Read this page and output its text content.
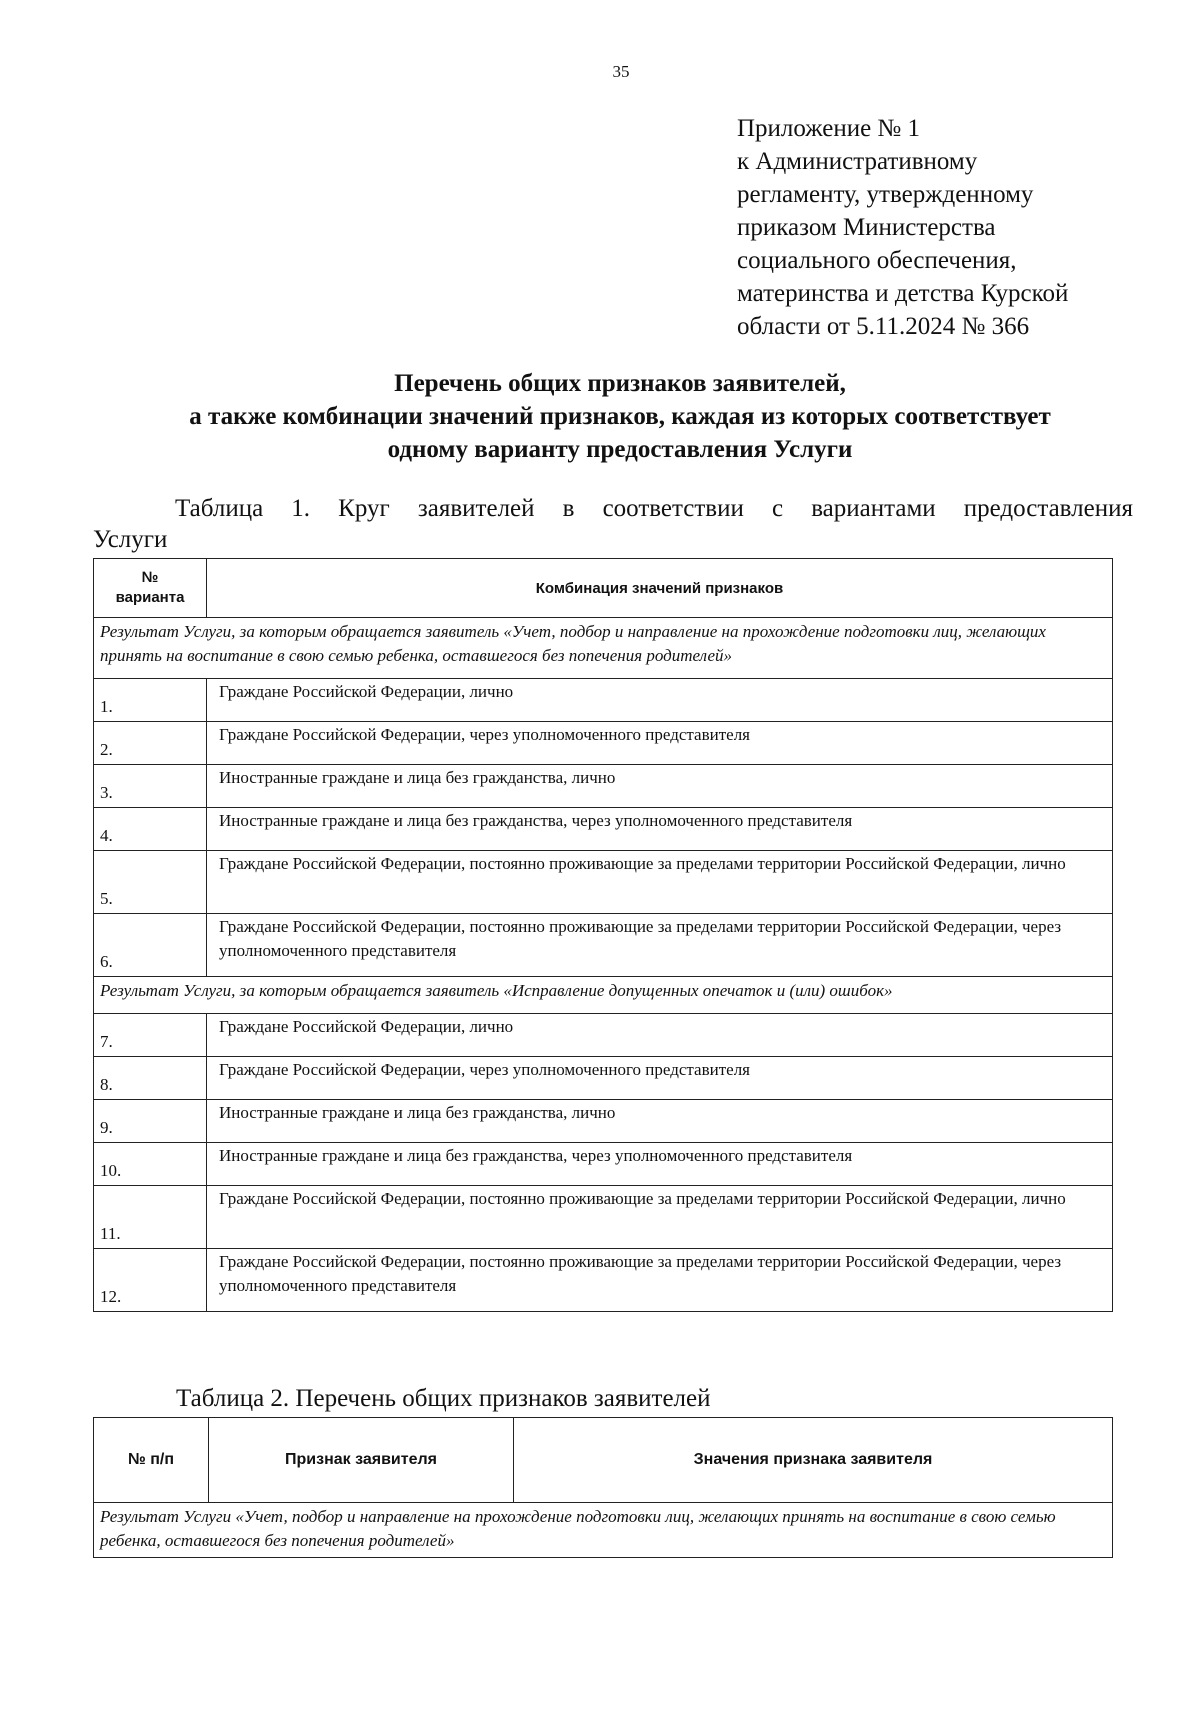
35
Приложение № 1
к Административному
регламенту, утвержденному
приказом Министерства
социального обеспечения,
материнства и детства Курской
области от 5.11.2024 № 366
Перечень общих признаков заявителей,
а также комбинации значений признаков, каждая из которых соответствует
одному варианту предоставления Услуги
Таблица 1. Круг заявителей в соответствии с вариантами предоставления
Услуги
№
варианта	Комбинация значений признаков
Результат Услуги, за которым обращается заявитель «Учет, подбор и направление на прохождение подготовки лиц, желающих принять на воспитание в свою семью ребенка, оставшегося без попечения родителей»	
1.	Граждане Российской Федерации, лично
2.	Граждане Российской Федерации, через уполномоченного представителя
3.	Иностранные граждане и лица без гражданства, лично
4.	Иностранные граждане и лица без гражданства, через уполномоченного представителя
5.	Граждане Российской Федерации, постоянно проживающие за пределами территории Российской Федерации, лично
6.	Граждане Российской Федерации, постоянно проживающие за пределами территории Российской Федерации, через уполномоченного представителя
Результат Услуги, за которым обращается заявитель «Исправление допущенных опечаток и (или) ошибок»	
7.	Граждане Российской Федерации, лично
8.	Граждане Российской Федерации, через уполномоченного представителя
9.	Иностранные граждане и лица без гражданства, лично
10.	Иностранные граждане и лица без гражданства, через уполномоченного представителя
11.	Граждане Российской Федерации, постоянно проживающие за пределами территории Российской Федерации, лично
12.	Граждане Российской Федерации, постоянно проживающие за пределами территории Российской Федерации, через уполномоченного представителя
Таблица 2. Перечень общих признаков заявителей
№ п/п	Признак заявителя	Значения признака заявителя
Результат Услуги «Учет, подбор и направление на прохождение подготовки лиц, желающих принять на воспитание в свою семью ребенка, оставшегося без попечения родителей»
